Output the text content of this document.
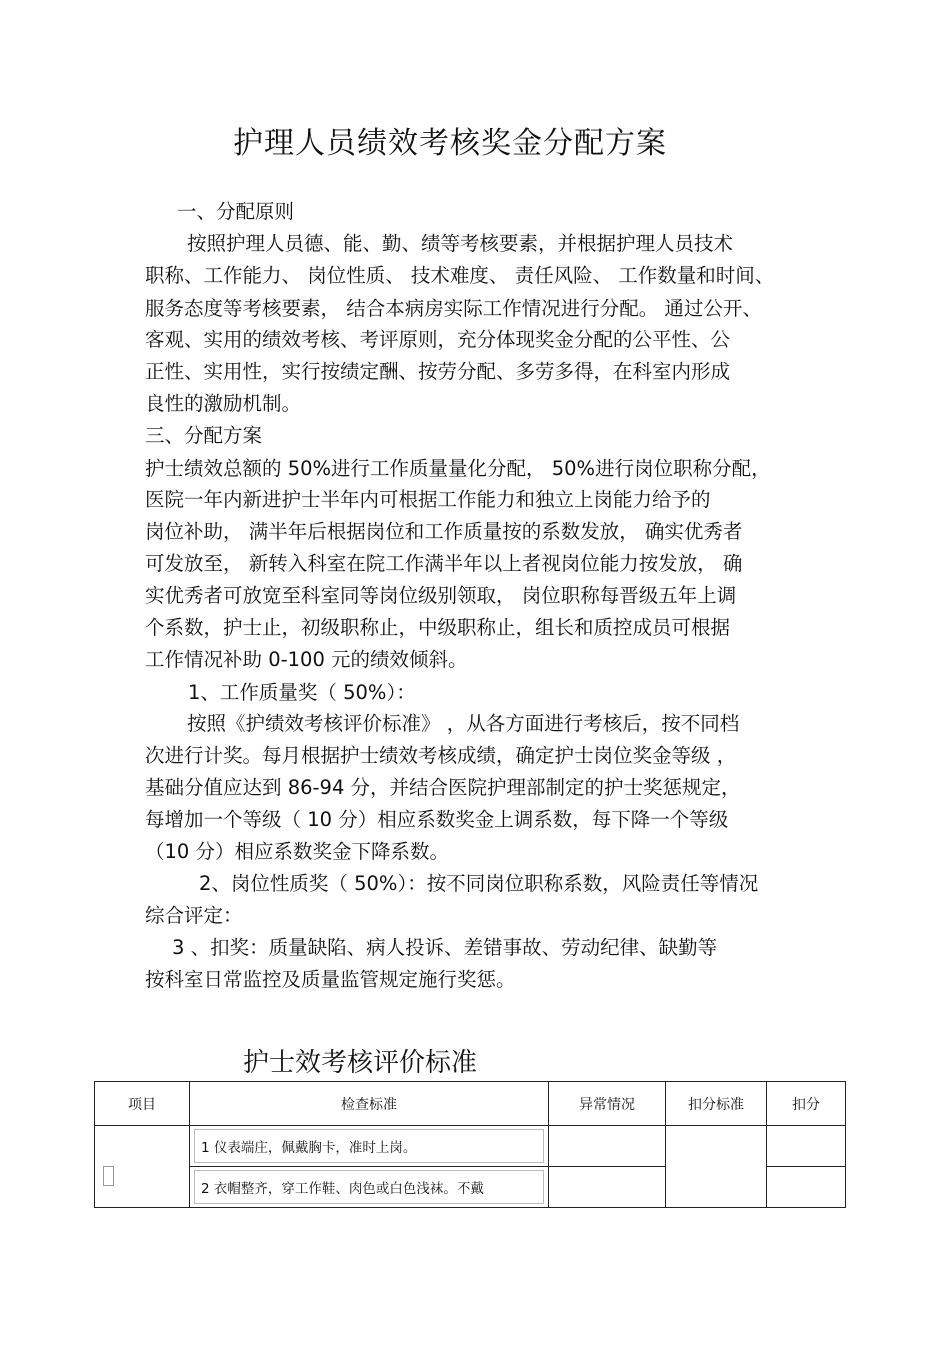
护理人员绩效考核奖金分配方案
一、分配原则
按照护理人员德、能、勤、绩等考核要素，并根据护理人员技术
职称、工作能力、 岗位性质、 技术难度、 责任风险、 工作数量和时间、
服务态度等考核要素， 结合本病房实际工作情况进行分配。 通过公开、
客观、实用的绩效考核、考评原则，充分体现奖金分配的公平性、公
正性、实用性，实行按绩定酬、按劳分配、多劳多得，在科室内形成
良性的激励机制。
三、分配方案
护士绩效总额的 50%进行工作质量量化分配， 50%进行岗位职称分配，
医院一年内新进护士半年内可根据工作能力和独立上岗能力给予的
岗位补助， 满半年后根据岗位和工作质量按的系数发放， 确实优秀者
可发放至， 新转入科室在院工作满半年以上者视岗位能力按发放， 确
实优秀者可放宽至科室同等岗位级别领取， 岗位职称每晋级五年上调
个系数，护士止，初级职称止，中级职称止，组长和质控成员可根据
工作情况补助 0-100 元的绩效倾斜。
1、工作质量奖（ 50%）：
按照《护绩效考核评价标准》 ，从各方面进行考核后，按不同档
次进行计奖。每月根据护士绩效考核成绩，确定护士岗位奖金等级 ，
基础分值应达到 86-94 分，并结合医院护理部制定的护士奖惩规定，
每增加一个等级（ 10 分）相应系数奖金上调系数，每下降一个等级
（10 分）相应系数奖金下降系数。
2、岗位性质奖（ 50%）：按不同岗位职称系数，风险责任等情况
综合评定：
3 、扣奖：质量缺陷、病人投诉、差错事故、劳动纪律、缺勤等
按科室日常监控及质量监管规定施行奖惩。
护士效考核评价标准
项目	检查标准	异常情况	扣分标准	扣分

	1 仪表端庄，佩戴胸卡，准时上岗。			

	2 衣帽整齐，穿工作鞋、肉色或白色浅袜。不戴			
